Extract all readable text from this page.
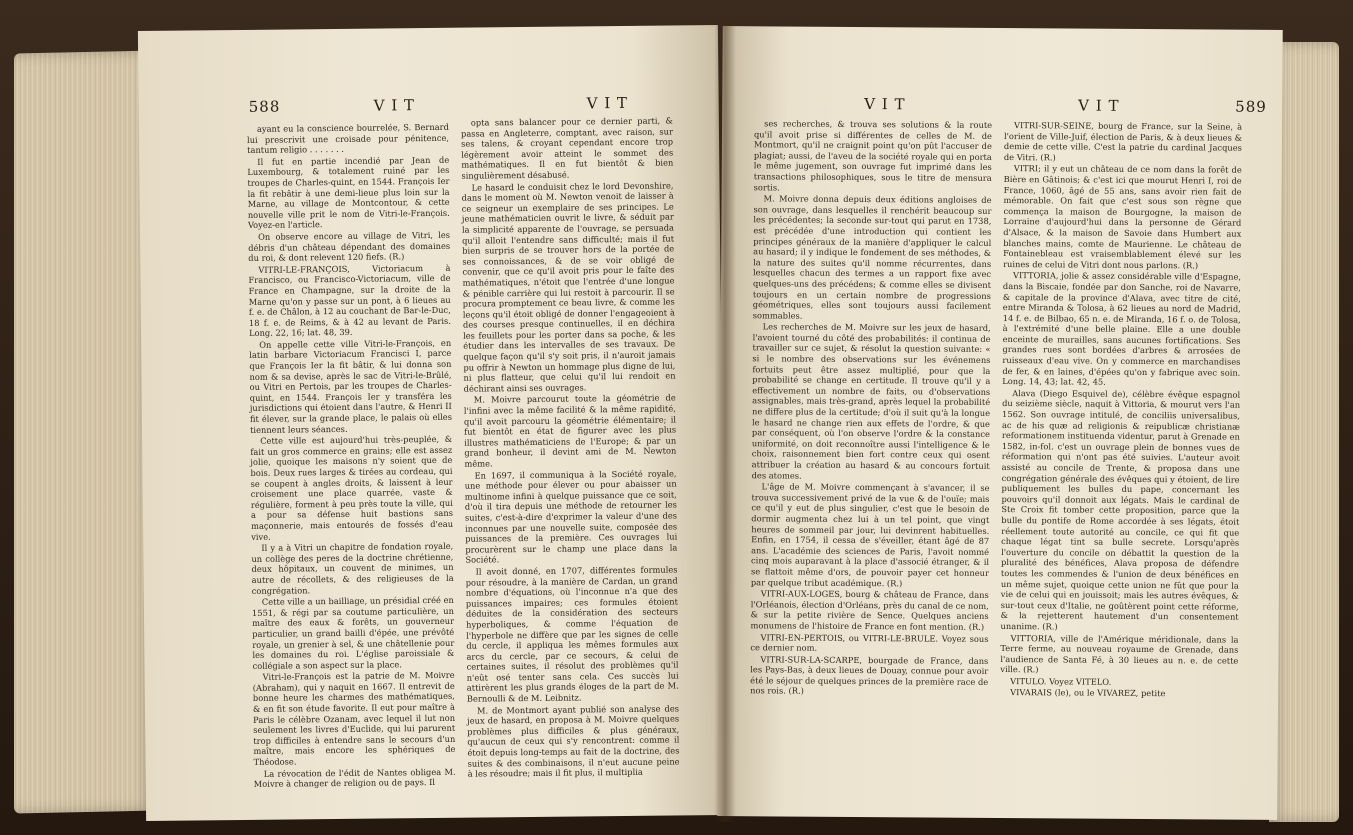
588	V I T	V I T

ayant eu la conscience bourrelée, S. Bernard lui prescrivit une croisade pour pénitence, tantum religio . . . . . . .

Il fut en partie incendié par Jean de Luxembourg, & totalement ruiné par les troupes de Charles-quint, en 1544. François Ier la fit rebâtir à une demi-lieue plus loin sur la Marne, au village de Montcontour, & cette nouvelle ville prit le nom de Vitri-le-François. Voyez-en l'article.

On observe encore au village de Vitri, les débris d'un château dépendant des domaines du roi, & dont relevent 120 fiefs. (R.)

VITRI-LE-FRANÇOIS, Victoriacum à Francisco, ou Francisco-Victoriacum, ville de France en Champagne, sur la droite de la Marne qu'on y passe sur un pont, à 6 lieues au f. e. de Châlon, à 12 au couchant de Bar-le-Duc, 18 f. e. de Reims, & à 42 au levant de Paris. Long. 22, 16; lat. 48, 39.

On appelle cette ville Vitri-le-François, en latin barbare Victoriacum Francisci I, parce que François Ier la fit bâtir, & lui donna son nom & sa devise, après le sac de Vitri-le-Brûlé, ou Vitri en Pertois, par les troupes de Charles-quint, en 1544. François Ier y transféra les jurisdictions qui étoient dans l'autre, & Henri II fit élever, sur la grande place, le palais où elles tiennent leurs séances.

Cette ville est aujourd'hui très-peuplée, & fait un gros commerce en grains; elle est assez jolie, quoique les maisons n'y soient que de bois. Deux rues larges & tirées au cordeau, qui se coupent à angles droits, & laissent à leur croisement une place quarrée, vaste & régulière, forment à peu près toute la ville, qui a pour sa défense huit bastions sans maçonnerie, mais entourés de fossés d'eau vive.

Il y a à Vitri un chapitre de fondation royale, un collège des peres de la doctrine chrétienne, deux hôpitaux, un couvent de minimes, un autre de récollets, & des religieuses de la congrégation.

Cette ville a un bailliage, un présidial créé en 1551, & régi par sa coutume particulière, un maître des eaux & forêts, un gouverneur particulier, un grand bailli d'épée, une prévôté royale, un grenier à sel, & une châtellenie pour les domaines du roi. L'église paroissiale & collégiale a son aspect sur la place.

Vitri-le-François est la patrie de M. Moivre (Abraham), qui y naquit en 1667. Il entrevit de bonne heure les charmes des mathématiques, & en fit son étude favorite. Il eut pour maître à Paris le célèbre Ozanam, avec lequel il lut non seulement les livres d'Euclide, qui lui parurent trop difficiles à entendre sans le secours d'un maître, mais encore les sphériques de Théodose.

La révocation de l'édit de Nantes obligea M. Moivre à changer de religion ou de pays. Il

opta sans balancer pour ce dernier parti, & passa en Angleterre, comptant, avec raison, sur ses talens, & croyant cependant encore trop légèrement avoir atteint le sommet des mathématiques. Il en fut bientôt & bien singulièrement désabusé.

Le hasard le conduisit chez le lord Devonshire, dans le moment où M. Newton venoit de laisser à ce seigneur un exemplaire de ses principes. Le jeune mathématicien ouvrit le livre, & séduit par la simplicité apparente de l'ouvrage, se persuada qu'il alloit l'entendre sans difficulté; mais il fut bien surpris de se trouver hors de la portée de ses connoissances, & de se voir obligé de convenir, que ce qu'il avoit pris pour le faîte des mathématiques, n'étoit que l'entrée d'une longue & pénible carrière qui lui restoit à parcourir. Il se procura promptement ce beau livre, & comme les leçons qu'il étoit obligé de donner l'engageoient à des courses presque continuelles, il en déchira les feuillets pour les porter dans sa poche, & les étudier dans les intervalles de ses travaux. De quelque façon qu'il s'y soit pris, il n'auroit jamais pu offrir à Newton un hommage plus digne de lui, ni plus flatteur, que celui qu'il lui rendoit en déchirant ainsi ses ouvrages.

M. Moivre parcourut toute la géométrie de l'infini avec la même facilité & la même rapidité, qu'il avoit parcouru la géométrie élémentaire; il fut bientôt en état de figurer avec les plus illustres mathématiciens de l'Europe; & par un grand bonheur, il devint ami de M. Newton même.

En 1697, il communiqua à la Société royale, une méthode pour élever ou pour abaisser un multinome infini à quelque puissance que ce soit, d'où il tira depuis une méthode de retourner les suites, c'est-à-dire d'exprimer la valeur d'une des inconnues par une nouvelle suite, composée des puissances de la première. Ces ouvrages lui procurèrent sur le champ une place dans la Société.

Il avoit donné, en 1707, différentes formules pour résoudre, à la manière de Cardan, un grand nombre d'équations, où l'inconnue n'a que des puissances impaires; ces formules étoient déduites de la considération des secteurs hyperboliques, & comme l'équation de l'hyperbole ne diffère que par les signes de celle du cercle, il appliqua les mêmes formules aux arcs du cercle, par ce secours, & celui de certaines suites, il résolut des problèmes qu'il n'eût osé tenter sans cela. Ces succès lui attirèrent les plus grands éloges de la part de M. Bernoulli & de M. Leibnitz.

M. de Montmort ayant publié son analyse des jeux de hasard, en proposa à M. Moivre quelques problèmes plus difficiles & plus généraux, qu'aucun de ceux qui s'y rencontrent: comme il étoit depuis long-temps au fait de la doctrine, des suites & des combinaisons, il n'eut aucune peine à les résoudre; mais il fit plus, il multiplia

V I T	V I T	589

ses recherches, & trouva ses solutions & la route qu'il avoit prise si différentes de celles de M. de Montmort, qu'il ne craignit point qu'on pût l'accuser de plagiat; aussi, de l'aveu de la société royale qui en porta le même jugement, son ouvrage fut imprimé dans les transactions philosophiques, sous le titre de mensura sortis.

M. Moivre donna depuis deux éditions angloises de son ouvrage, dans lesquelles il renchérit beaucoup sur les précédentes; la seconde sur-tout qui parut en 1738, est précédée d'une introduction qui contient les principes généraux de la manière d'appliquer le calcul au hasard; il y indique le fondement de ses méthodes, & la nature des suites qu'il nomme récurrentes, dans lesquelles chacun des termes a un rapport fixe avec quelques-uns des précédens; & comme elles se divisent toujours en un certain nombre de progressions géométriques, elles sont toujours aussi facilement sommables.

Les recherches de M. Moivre sur les jeux de hasard, l'avoient tourné du côté des probabilités: il continua de travailler sur ce sujet, & résolut la question suivante: « si le nombre des observations sur les événemens fortuits peut être assez multiplié, pour que la probabilité se change en certitude. Il trouve qu'il y a effectivement un nombre de faits, ou d'observations assignables, mais très-grand, après lequel la probabilité ne differe plus de la certitude; d'où il suit qu'à la longue le hasard ne change rien aux effets de l'ordre, & que par conséquent, où l'on observe l'ordre & la constance uniformité, on doit reconnoître aussi l'intelligence & le choix, raisonnement bien fort contre ceux qui osent attribuer la création au hasard & au concours fortuit des atomes.

L'âge de M. Moivre commençant à s'avancer, il se trouva successivement privé de la vue & de l'ouïe; mais ce qu'il y eut de plus singulier, c'est que le besoin de dormir augmenta chez lui à un tel point, que vingt heures de sommeil par jour, lui devinrent habituelles. Enfin, en 1754, il cessa de s'éveiller, étant âgé de 87 ans. L'académie des sciences de Paris, l'avoit nommé cinq mois auparavant à la place d'associé étranger, & il se flattoit même d'ors, de pouvoir payer cet honneur par quelque tribut académique. (R.)

VITRI-AUX-LOGES, bourg & château de France, dans l'Orléanois, élection d'Orléans, près du canal de ce nom, & sur la petite rivière de Sence. Quelques anciens monumens de l'histoire de France en font mention. (R.)

VITRI-EN-PERTOIS, ou VITRI-LE-BRULE. Voyez sous ce dernier nom.

VITRI-SUR-LA-SCARPE, bourgade de France, dans les Pays-Bas, à deux lieues de Douay, connue pour avoir été le séjour de quelques princes de la première race de nos rois. (R.)

VITRI-SUR-SEINE, bourg de France, sur la Seine, à l'orient de Ville-Juif, élection de Paris, & à deux lieues & demie de cette ville. C'est la patrie du cardinal Jacques de Vitri. (R.)

VITRI; il y eut un château de ce nom dans la forêt de Bière en Gâtinois; & c'est ici que mourut Henri I, roi de France, 1060, âgé de 55 ans, sans avoir rien fait de mémorable. On fait que c'est sous son règne que commença la maison de Bourgogne, la maison de Lorraine d'aujourd'hui dans la personne de Gérard d'Alsace, & la maison de Savoie dans Humbert aux blanches mains, comte de Maurienne. Le château de Fontainebleau est vraisemblablement élevé sur les ruines de celui de Vitri dont nous parlons. (R.)

VITTORIA, jolie & assez considérable ville d'Espagne, dans la Biscaie, fondée par don Sanche, roi de Navarre, & capitale de la province d'Alava, avec titre de cité, entre Miranda & Tolosa, à 62 lieues au nord de Madrid, 14 f. e. de Bilbao, 65 n. e. de Miranda, 16 f. o. de Tolosa, à l'extrémité d'une belle plaine. Elle a une double enceinte de murailles, sans aucunes fortifications. Ses grandes rues sont bordées d'arbres & arrosées de ruisseaux d'eau vive. On y commerce en marchandises de fer, & en laines, d'épées qu'on y fabrique avec soin. Long. 14, 43; lat. 42, 45.

Alava (Diego Esquivel de), célèbre évêque espagnol du seizième siècle, naquit à Vittoria, & mourut vers l'an 1562. Son ouvrage intitulé, de conciliis universalibus, ac de his quæ ad religionis & reipublicæ christianæ reformationem instituenda videntur, parut à Grenade en 1582, in-fol. c'est un ouvrage plein de bonnes vues de réformation qui n'ont pas été suivies. L'auteur avoit assisté au concile de Trente, & proposa dans une congrégation générale des évêques qui y étoient, de lire publiquement les bulles du pape, concernant les pouvoirs qu'il donnoit aux légats. Mais le cardinal de Ste Croix fit tomber cette proposition, parce que la bulle du pontife de Rome accordée à ses légats, étoit réellement toute autorité au concile, ce qui fit que chaque légat tint sa bulle secrete. Lorsqu'après l'ouverture du concile on débattit la question de la pluralité des bénéfices, Alava proposa de défendre toutes les commendes & l'union de deux bénéfices en un même sujet, quoique cette union ne fût que pour la vie de celui qui en jouissoit; mais les autres évêques, & sur-tout ceux d'Italie, ne goûtèrent point cette réforme, & la rejetterent hautement d'un consentement unanime. (R.)

VITTORIA, ville de l'Amérique méridionale, dans la Terre ferme, au nouveau royaume de Grenade, dans l'audience de Santa Fé, à 30 lieues au n. e. de cette ville. (R.)

VITULO. Voyez VITELO.

VIVARAIS (le), ou le VIVAREZ, petite
